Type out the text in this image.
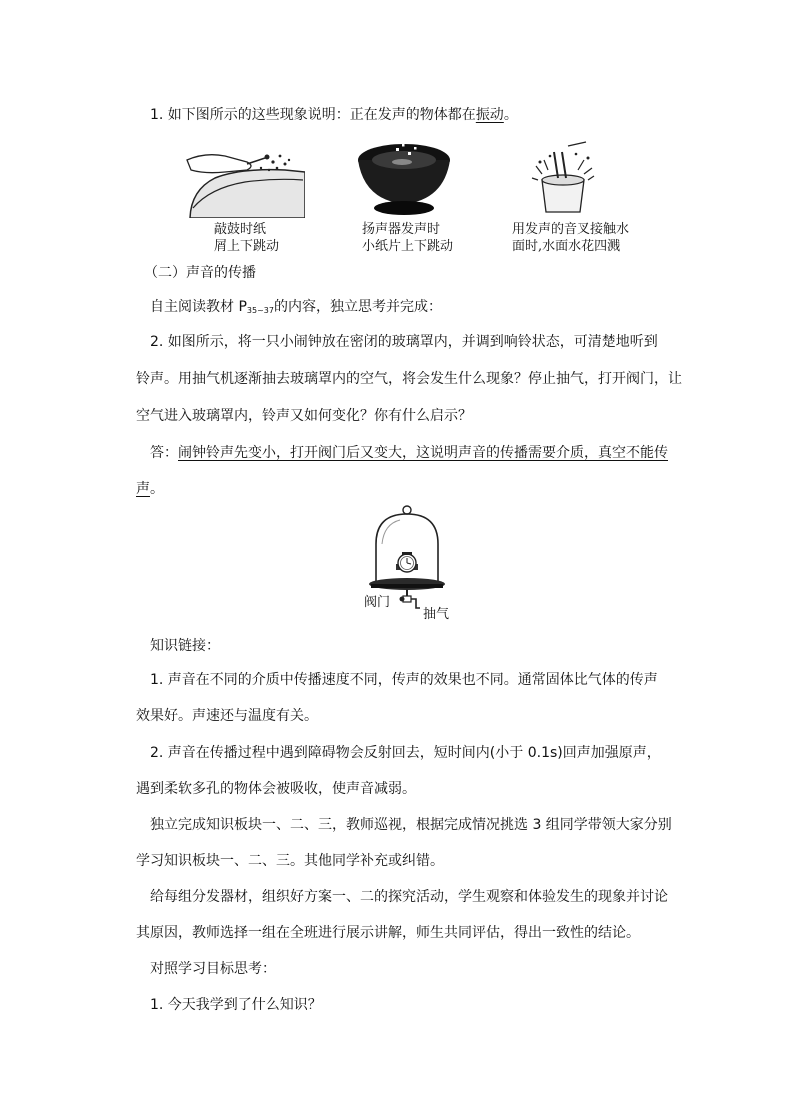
1. 如下图所示的这些现象说明：正在发声的物体都在振动。
敲鼓时纸
屑上下跳动
扬声器发声时
小纸片上下跳动
用发声的音叉接触水
面时,水面水花四溅
（二）声音的传播
自主阅读教材 $P_{35\sim 37}$的内容，独立思考并完成：
2. 如图所示，将一只小闹钟放在密闭的玻璃罩内，并调到响铃状态，可清楚地听到
铃声。用抽气机逐渐抽去玻璃罩内的空气，将会发生什么现象？停止抽气，打开阀门，让
空气进入玻璃罩内，铃声又如何变化？你有什么启示？
答：闹钟铃声先变小，打开阀门后又变大，这说明声音的传播需要介质，真空不能传
声。
阀门
抽气
知识链接：
1. 声音在不同的介质中传播速度不同，传声的效果也不同。通常固体比气体的传声
效果好。声速还与温度有关。
2. 声音在传播过程中遇到障碍物会反射回去，短时间内(小于 0.1s)回声加强原声，
遇到柔软多孔的物体会被吸收，使声音减弱。
独立完成知识板块一、二、三，教师巡视，根据完成情况挑选 3 组同学带领大家分别
学习知识板块一、二、三。其他同学补充或纠错。
给每组分发器材，组织好方案一、二的探究活动，学生观察和体验发生的现象并讨论
其原因，教师选择一组在全班进行展示讲解，师生共同评估，得出一致性的结论。
对照学习目标思考：
1. 今天我学到了什么知识？
